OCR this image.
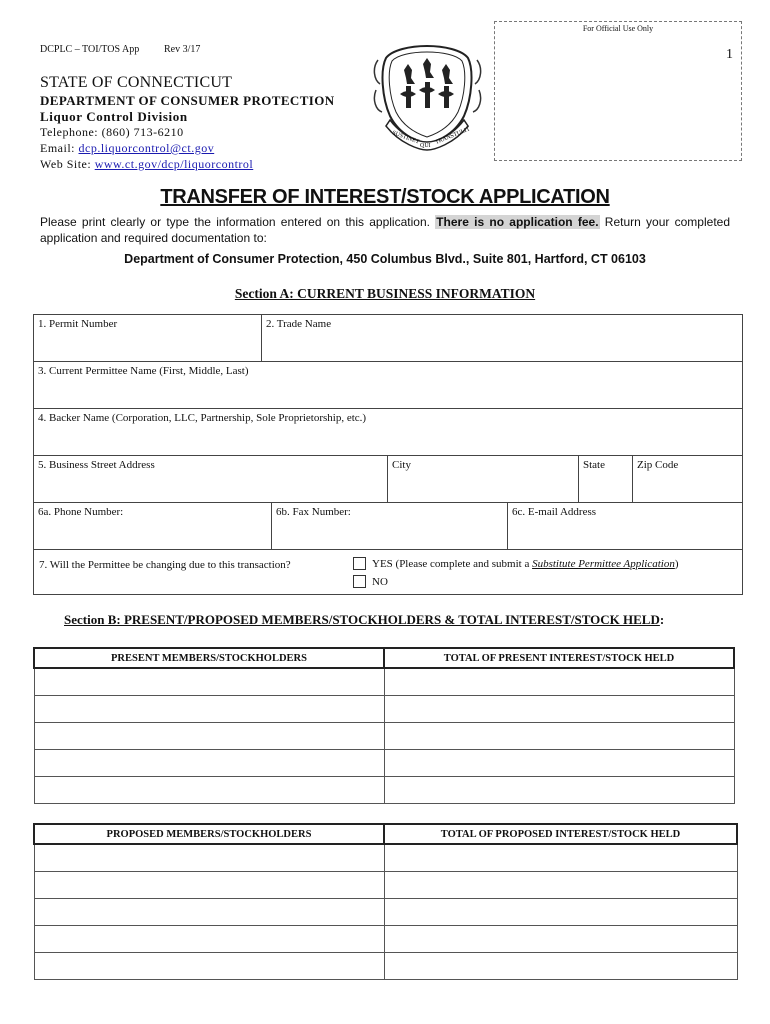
DCPLC – TOI/TOS App Rev 3/17	1
For Official Use Only
SUSTINET
QUI
TRANSTULIT
STATE OF CONNECTICUT
DEPARTMENT OF CONSUMER PROTECTION
Liquor Control Division
Telephone: (860) 713-6210
Email: dcp.liquorcontrol@ct.gov
Web Site: www.ct.gov/dcp/liquorcontrol
TRANSFER OF INTEREST/STOCK APPLICATION
Please print clearly or type the information entered on this application. There is no application fee. Return your completed application and required documentation to:
Department of Consumer Protection, 450 Columbus Blvd., Suite 801, Hartford, CT 06103
Section A: CURRENT BUSINESS INFORMATION
1. Permit Number	2. Trade Name
3. Current Permittee Name (First, Middle, Last)
4. Backer Name (Corporation, LLC, Partnership, Sole Proprietorship, etc.)
5. Business Street Address	City	State	Zip Code
6a. Phone Number:	6b. Fax Number:	6c. E-mail Address
7. Will the Permittee be changing due to this transaction?	YES (Please complete and submit a Substitute Permittee Application)
NO
Section B: PRESENT/PROPOSED MEMBERS/STOCKHOLDERS & TOTAL INTEREST/STOCK HELD:
PRESENT MEMBERS/STOCKHOLDERS	TOTAL OF PRESENT INTEREST/STOCK HELD

PROPOSED MEMBERS/STOCKHOLDERS	TOTAL OF PROPOSED INTEREST/STOCK HELD
